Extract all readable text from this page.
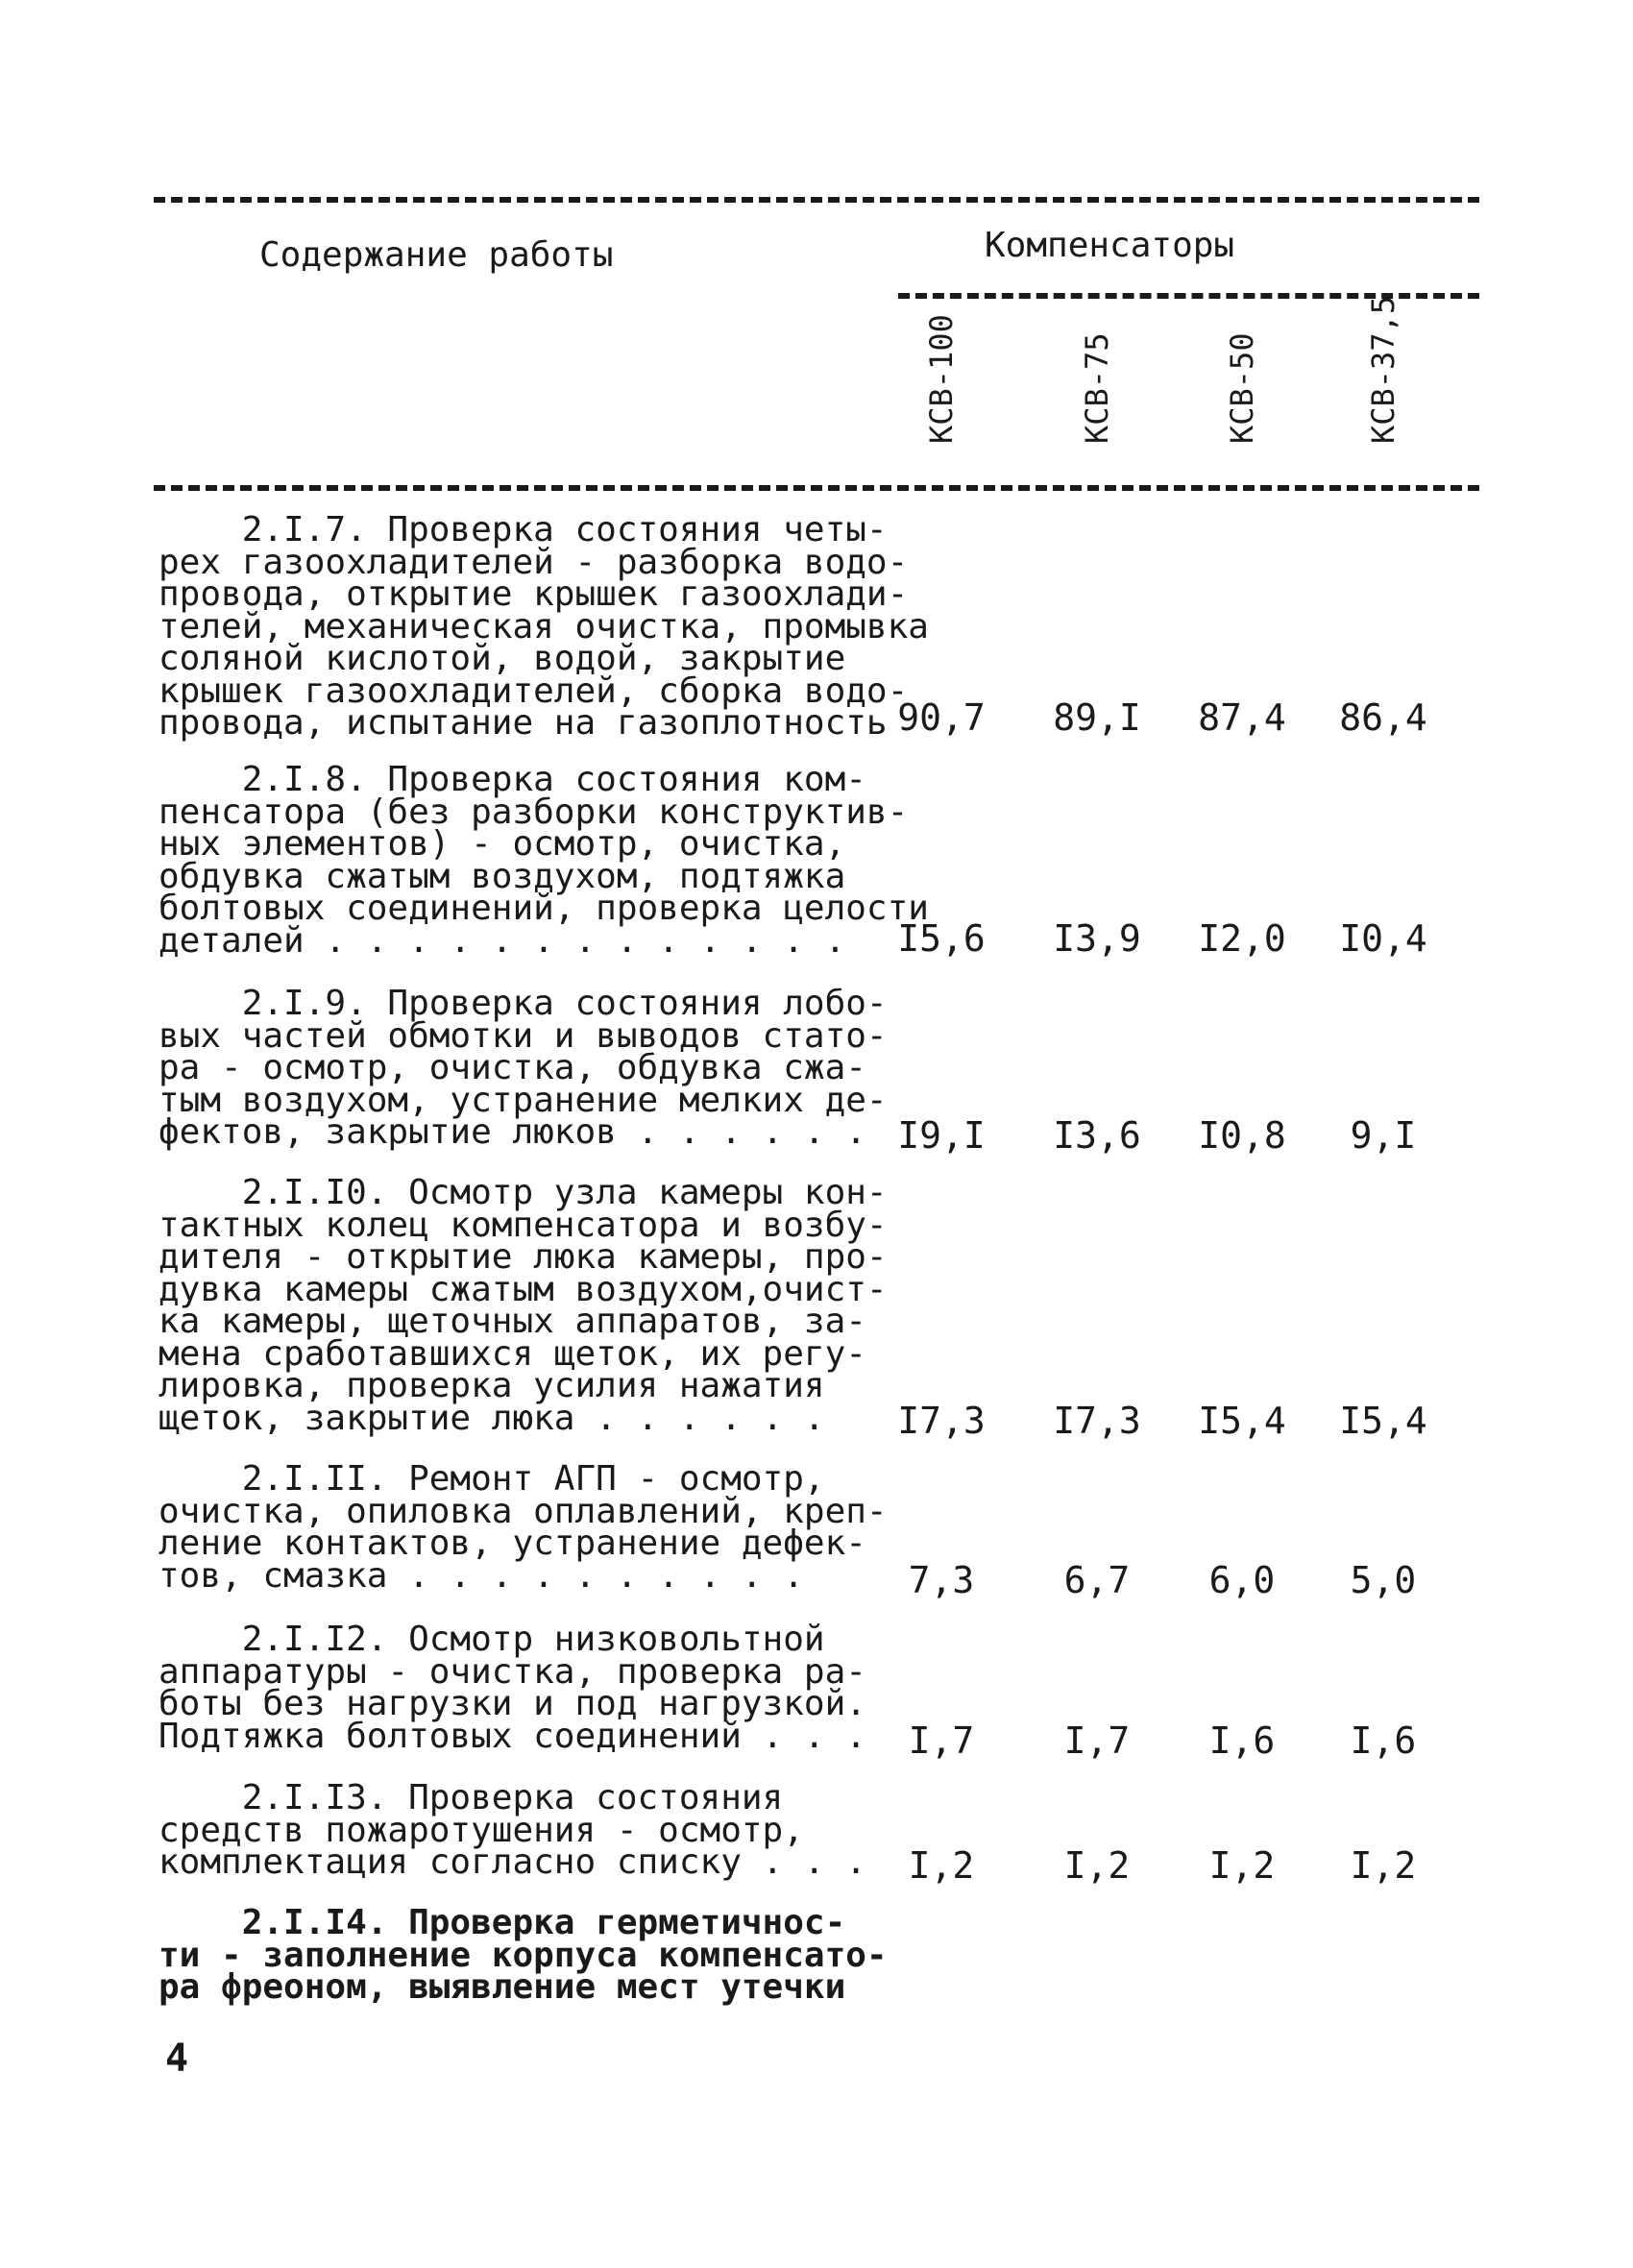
Содержание работы	Компенсаторы
КСВ-100	КСВ-75	КСВ-50	КСВ-37,5
2.I.7. Проверка состояния четы-
рех газоохладителей - разборка водо-
провода, открытие крышек газоохлади-
телей, механическая очистка, промывка
соляной кислотой, водой, закрытие
крышек газоохладителей, сборка водо-
провода, испытание на газоплотность 90,7	89,I	87,4	86,4
2.I.8. Проверка состояния ком-
пенсатора (без разборки конструктив-
ных элементов) - осмотр, очистка,
обдувка сжатым воздухом, подтяжка
болтовых соединений, проверка целости
деталей . . . . . . . . . . . . .	I5,6	I3,9	I2,0	I0,4
2.I.9. Проверка состояния лобо-
вых частей обмотки и выводов стато-
ра - осмотр, очистка, обдувка сжа-
тым воздухом, устранение мелких де-
фектов, закрытие люков . . . . . . I9,I	I3,6	I0,8	9,I
2.I.I0. Осмотр узла камеры кон-
тактных колец компенсатора и возбу-
дителя - открытие люка камеры, про-
дувка камеры сжатым воздухом,очист-
ка камеры, щеточных аппаратов, за-
мена сработавшихся щеток, их регу-
лировка, проверка усилия нажатия
щеток, закрытие люка . . . . . .	I7,3	I7,3	I5,4	I5,4
2.I.II. Ремонт АГП - осмотр,
очистка, опиловка оплавлений, креп-
ление контактов, устранение дефек-
тов, смазка . . . . . . . . . .	7,3	6,7	6,0	5,0
2.I.I2. Осмотр низковольтной
аппаратуры - очистка, проверка ра-
боты без нагрузки и под нагрузкой.
Подтяжка болтовых соединений . . .	I,7	I,7	I,6	I,6
2.I.I3. Проверка состояния
средств пожаротушения - осмотр,
комплектация согласно списку . . .	I,2	I,2	I,2	I,2
2.I.I4. Проверка герметичнос-
ти - заполнение корпуса компенсато-
ра фреоном, выявление мест утечки
4
